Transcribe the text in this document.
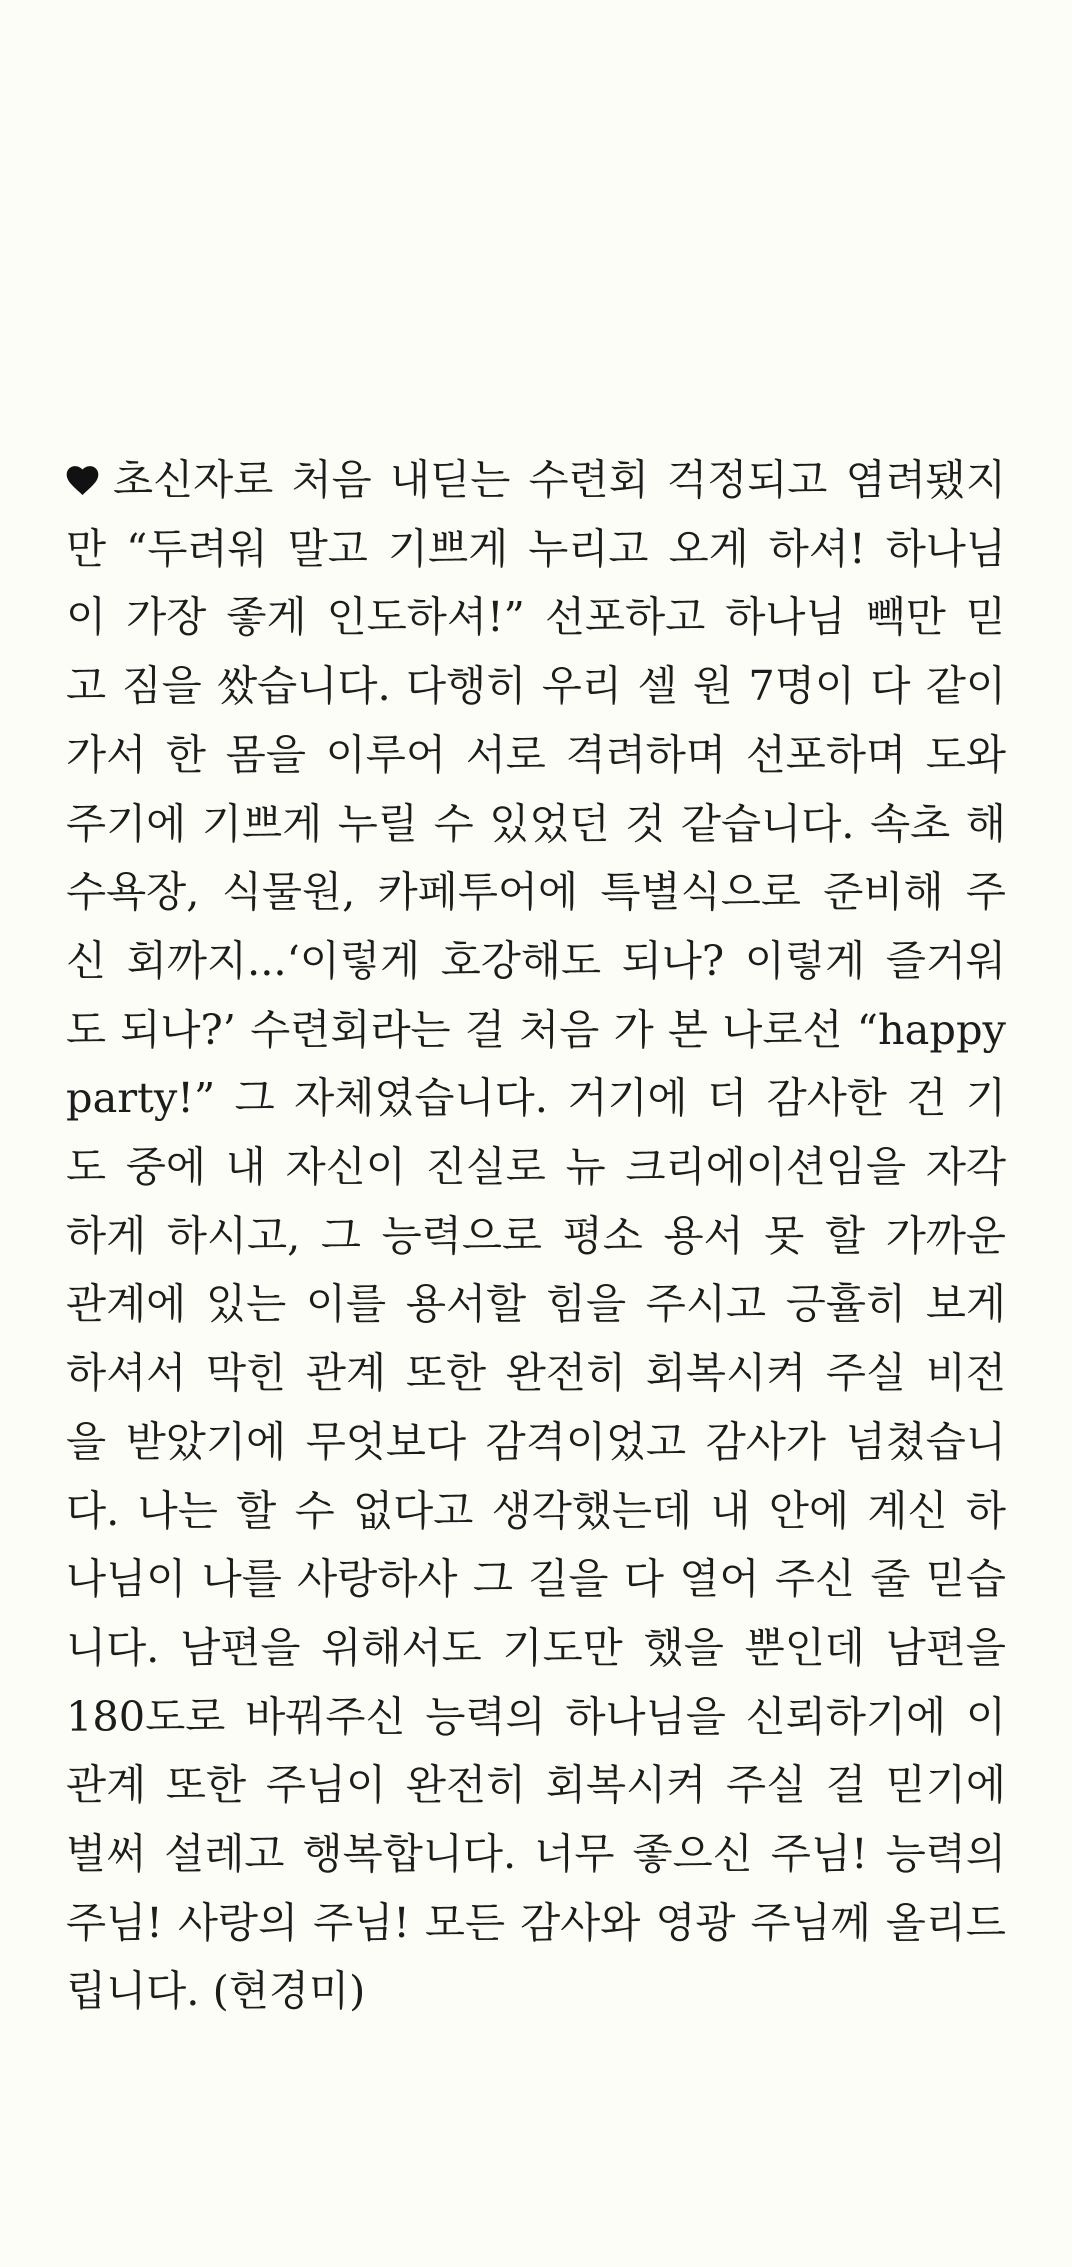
초신자로 처음 내딛는 수련회 걱정되고 염려됐지
만 “두려워 말고 기쁘게 누리고 오게 하셔! 하나님
이 가장 좋게 인도하셔!” 선포하고 하나님 빽만 믿
고 짐을 쌌습니다. 다행히 우리 셀 원 7명이 다 같이
가서 한 몸을 이루어 서로 격려하며 선포하며 도와
주기에 기쁘게 누릴 수 있었던 것 같습니다. 속초 해
수욕장, 식물원, 카페투어에 특별식으로 준비해 주
신 회까지...‘이렇게 호강해도 되나? 이렇게 즐거워
도 되나?’ 수련회라는 걸 처음 가 본 나로선 “happy
party!” 그 자체였습니다. 거기에 더 감사한 건 기
도 중에 내 자신이 진실로 뉴 크리에이션임을 자각
하게 하시고, 그 능력으로 평소 용서 못 할 가까운
관계에 있는 이를 용서할 힘을 주시고 긍휼히 보게
하셔서 막힌 관계 또한 완전히 회복시켜 주실 비전
을 받았기에 무엇보다 감격이었고 감사가 넘쳤습니
다. 나는 할 수 없다고 생각했는데 내 안에 계신 하
나님이 나를 사랑하사 그 길을 다 열어 주신 줄 믿습
니다. 남편을 위해서도 기도만 했을 뿐인데 남편을
180도로 바꿔주신 능력의 하나님을 신뢰하기에 이
관계 또한 주님이 완전히 회복시켜 주실 걸 믿기에
벌써 설레고 행복합니다. 너무 좋으신 주님! 능력의
주님! 사랑의 주님! 모든 감사와 영광 주님께 올리드
립니다. (현경미)
